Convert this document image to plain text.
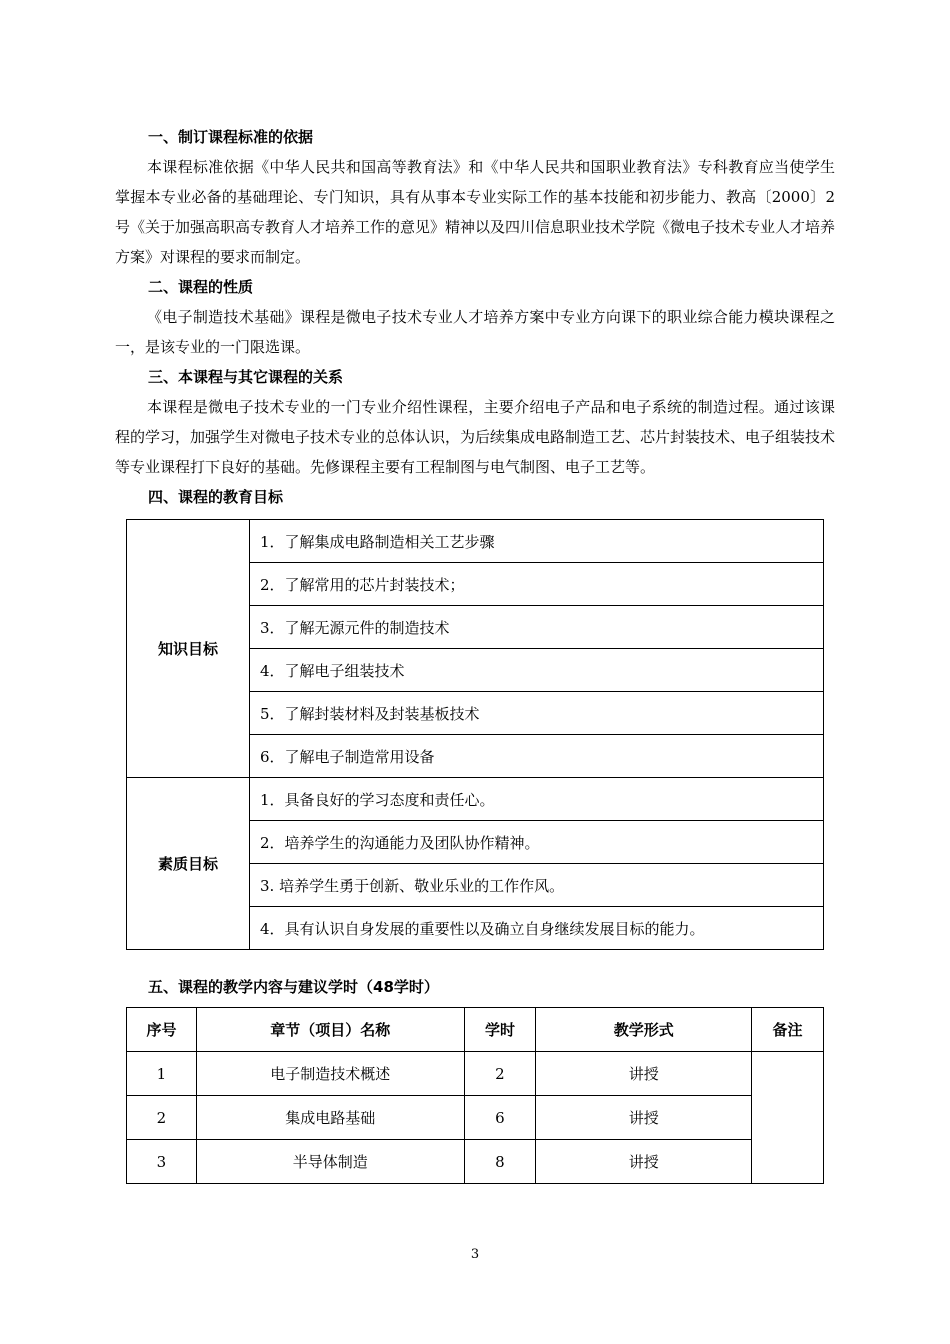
一、制订课程标准的依据

本课程标准依据《中华人民共和国高等教育法》和《中华人民共和国职业教育法》专科教育应当使学生掌握本专业必备的基础理论、专门知识，具有从事本专业实际工作的基本技能和初步能力、教高〔2000〕2号《关于加强高职高专教育人才培养工作的意见》精神以及四川信息职业技术学院《微电子技术专业人才培养方案》对课程的要求而制定。

二、课程的性质

《电子制造技术基础》课程是微电子技术专业人才培养方案中专业方向课下的职业综合能力模块课程之一，是该专业的一门限选课。

三、本课程与其它课程的关系

本课程是微电子技术专业的一门专业介绍性课程，主要介绍电子产品和电子系统的制造过程。通过该课程的学习，加强学生对微电子技术专业的总体认识，为后续集成电路制造工艺、芯片封装技术、电子组装技术等专业课程打下良好的基础。先修课程主要有工程制图与电气制图、电子工艺等。

四、课程的教育目标
知识目标	1．了解集成电路制造相关工艺步骤
	2．了解常用的芯片封装技术；
	3．了解无源元件的制造技术
	4．了解电子组装技术
	5．了解封装材料及封装基板技术
	6．了解电子制造常用设备
素质目标	1．具备良好的学习态度和责任心。
	2．培养学生的沟通能力及团队协作精神。
	3. 培养学生勇于创新、敬业乐业的工作作风。
	4．具有认识自身发展的重要性以及确立自身继续发展目标的能力。
五、课程的教学内容与建议学时（48学时）
序号	章节（项目）名称	学时	教学形式	备注
1	电子制造技术概述	2	讲授	
2	集成电路基础	6	讲授	
3	半导体制造	8	讲授	
3
